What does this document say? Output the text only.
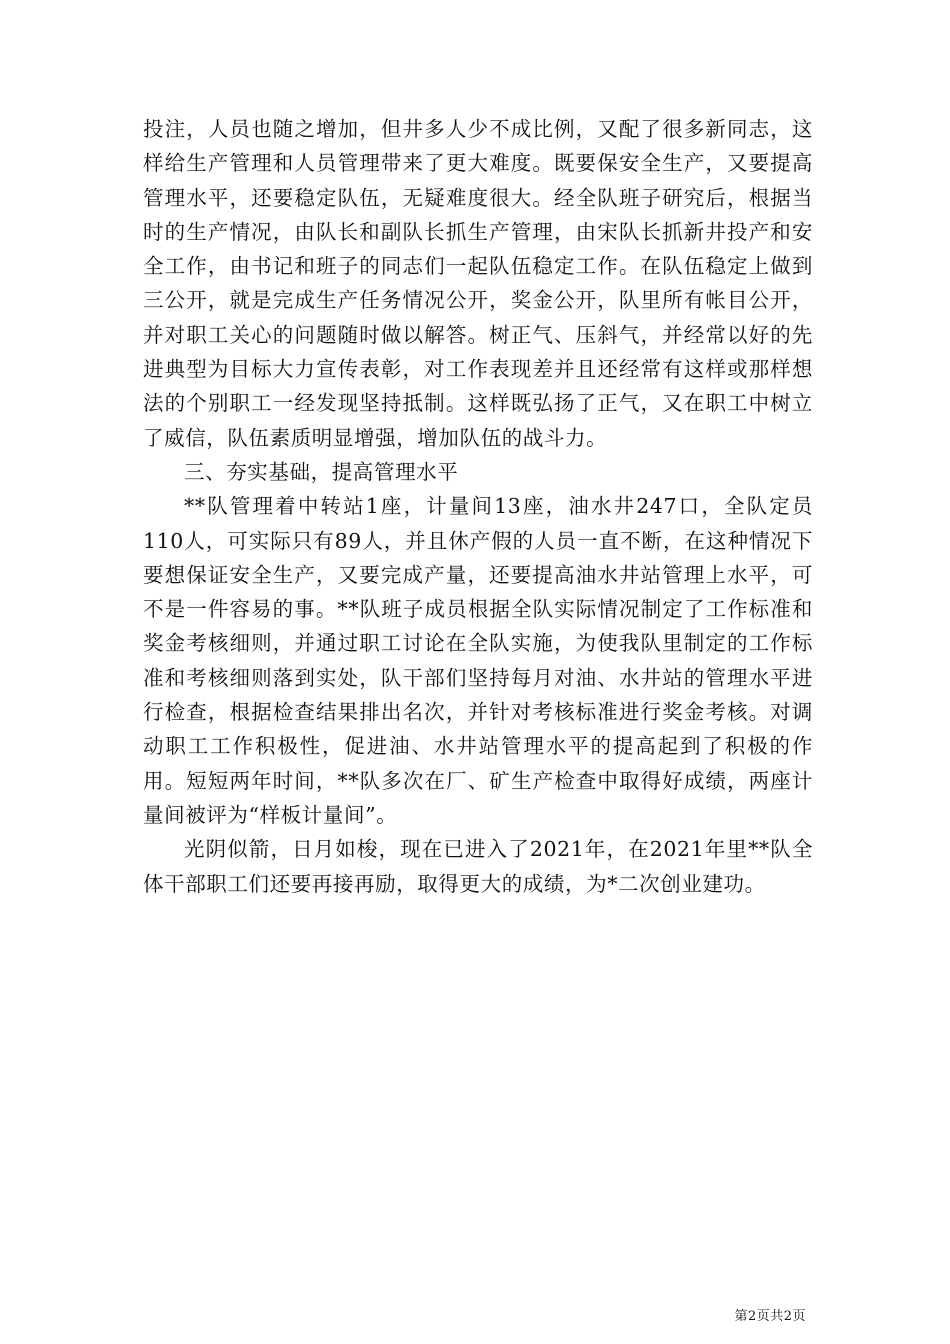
投注，人员也随之增加，但井多人少不成比例，又配了很多新同志，这样给生产管理和人员管理带来了更大难度。既要保安全生产，又要提高管理水平，还要稳定队伍，无疑难度很大。经全队班子研究后，根据当时的生产情况，由队长和副队长抓生产管理，由宋队长抓新井投产和安全工作，由书记和班子的同志们一起队伍稳定工作。在队伍稳定上做到三公开，就是完成生产任务情况公开，奖金公开，队里所有帐目公开，并对职工关心的问题随时做以解答。树正气、压斜气，并经常以好的先进典型为目标大力宣传表彰，对工作表现差并且还经常有这样或那样想法的个别职工一经发现坚持抵制。这样既弘扬了正气，又在职工中树立了威信，队伍素质明显增强，增加队伍的战斗力。

三、夯实基础，提高管理水平

**队管理着中转站1座，计量间13座，油水井247口，全队定员110人，可实际只有89人，并且休产假的人员一直不断，在这种情况下要想保证安全生产，又要完成产量，还要提高油水井站管理上水平，可不是一件容易的事。**队班子成员根据全队实际情况制定了工作标准和奖金考核细则，并通过职工讨论在全队实施，为使我队里制定的工作标准和考核细则落到实处，队干部们坚持每月对油、水井站的管理水平进行检查，根据检查结果排出名次，并针对考核标准进行奖金考核。对调动职工工作积极性，促进油、水井站管理水平的提高起到了积极的作用。短短两年时间，**队多次在厂、矿生产检查中取得好成绩，两座计量间被评为“样板计量间”。

光阴似箭，日月如梭，现在已进入了2021年，在2021年里**队全体干部职工们还要再接再励，取得更大的成绩，为*二次创业建功。

第2页共2页
